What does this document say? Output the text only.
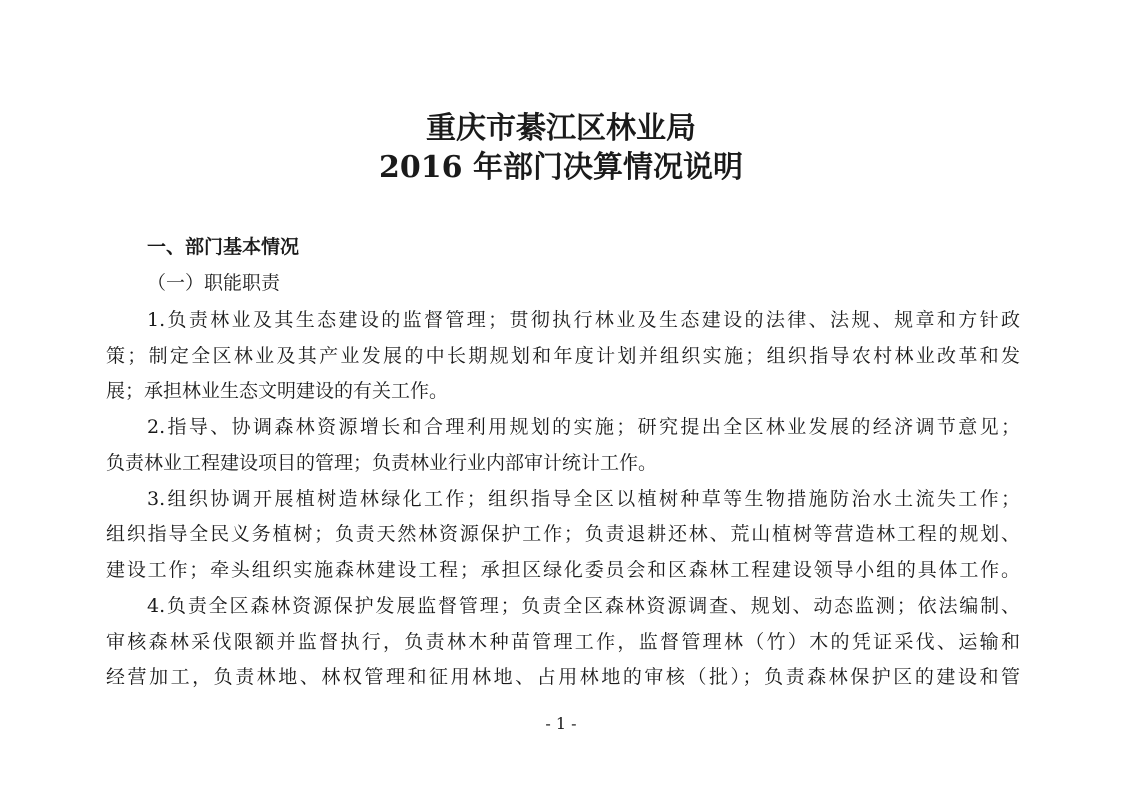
重庆市綦江区林业局
2016 年部门决算情况说明
一、部门基本情况
（一）职能职责
1.负责林业及其生态建设的监督管理；贯彻执行林业及生态建设的法律、法规、规章和方针政
策；制定全区林业及其产业发展的中长期规划和年度计划并组织实施；组织指导农村林业改革和发
展；承担林业生态文明建设的有关工作。
2.指导、协调森林资源增长和合理利用规划的实施；研究提出全区林业发展的经济调节意见；
负责林业工程建设项目的管理；负责林业行业内部审计统计工作。
3.组织协调开展植树造林绿化工作；组织指导全区以植树种草等生物措施防治水土流失工作；
组织指导全民义务植树；负责天然林资源保护工作；负责退耕还林、荒山植树等营造林工程的规划、
建设工作；牵头组织实施森林建设工程；承担区绿化委员会和区森林工程建设领导小组的具体工作。
4.负责全区森林资源保护发展监督管理；负责全区森林资源调查、规划、动态监测；依法编制、
审核森林采伐限额并监督执行，负责林木种苗管理工作，监督管理林（竹）木的凭证采伐、运输和
经营加工，负责林地、林权管理和征用林地、占用林地的审核（批）；负责森林保护区的建设和管
- 1 -
